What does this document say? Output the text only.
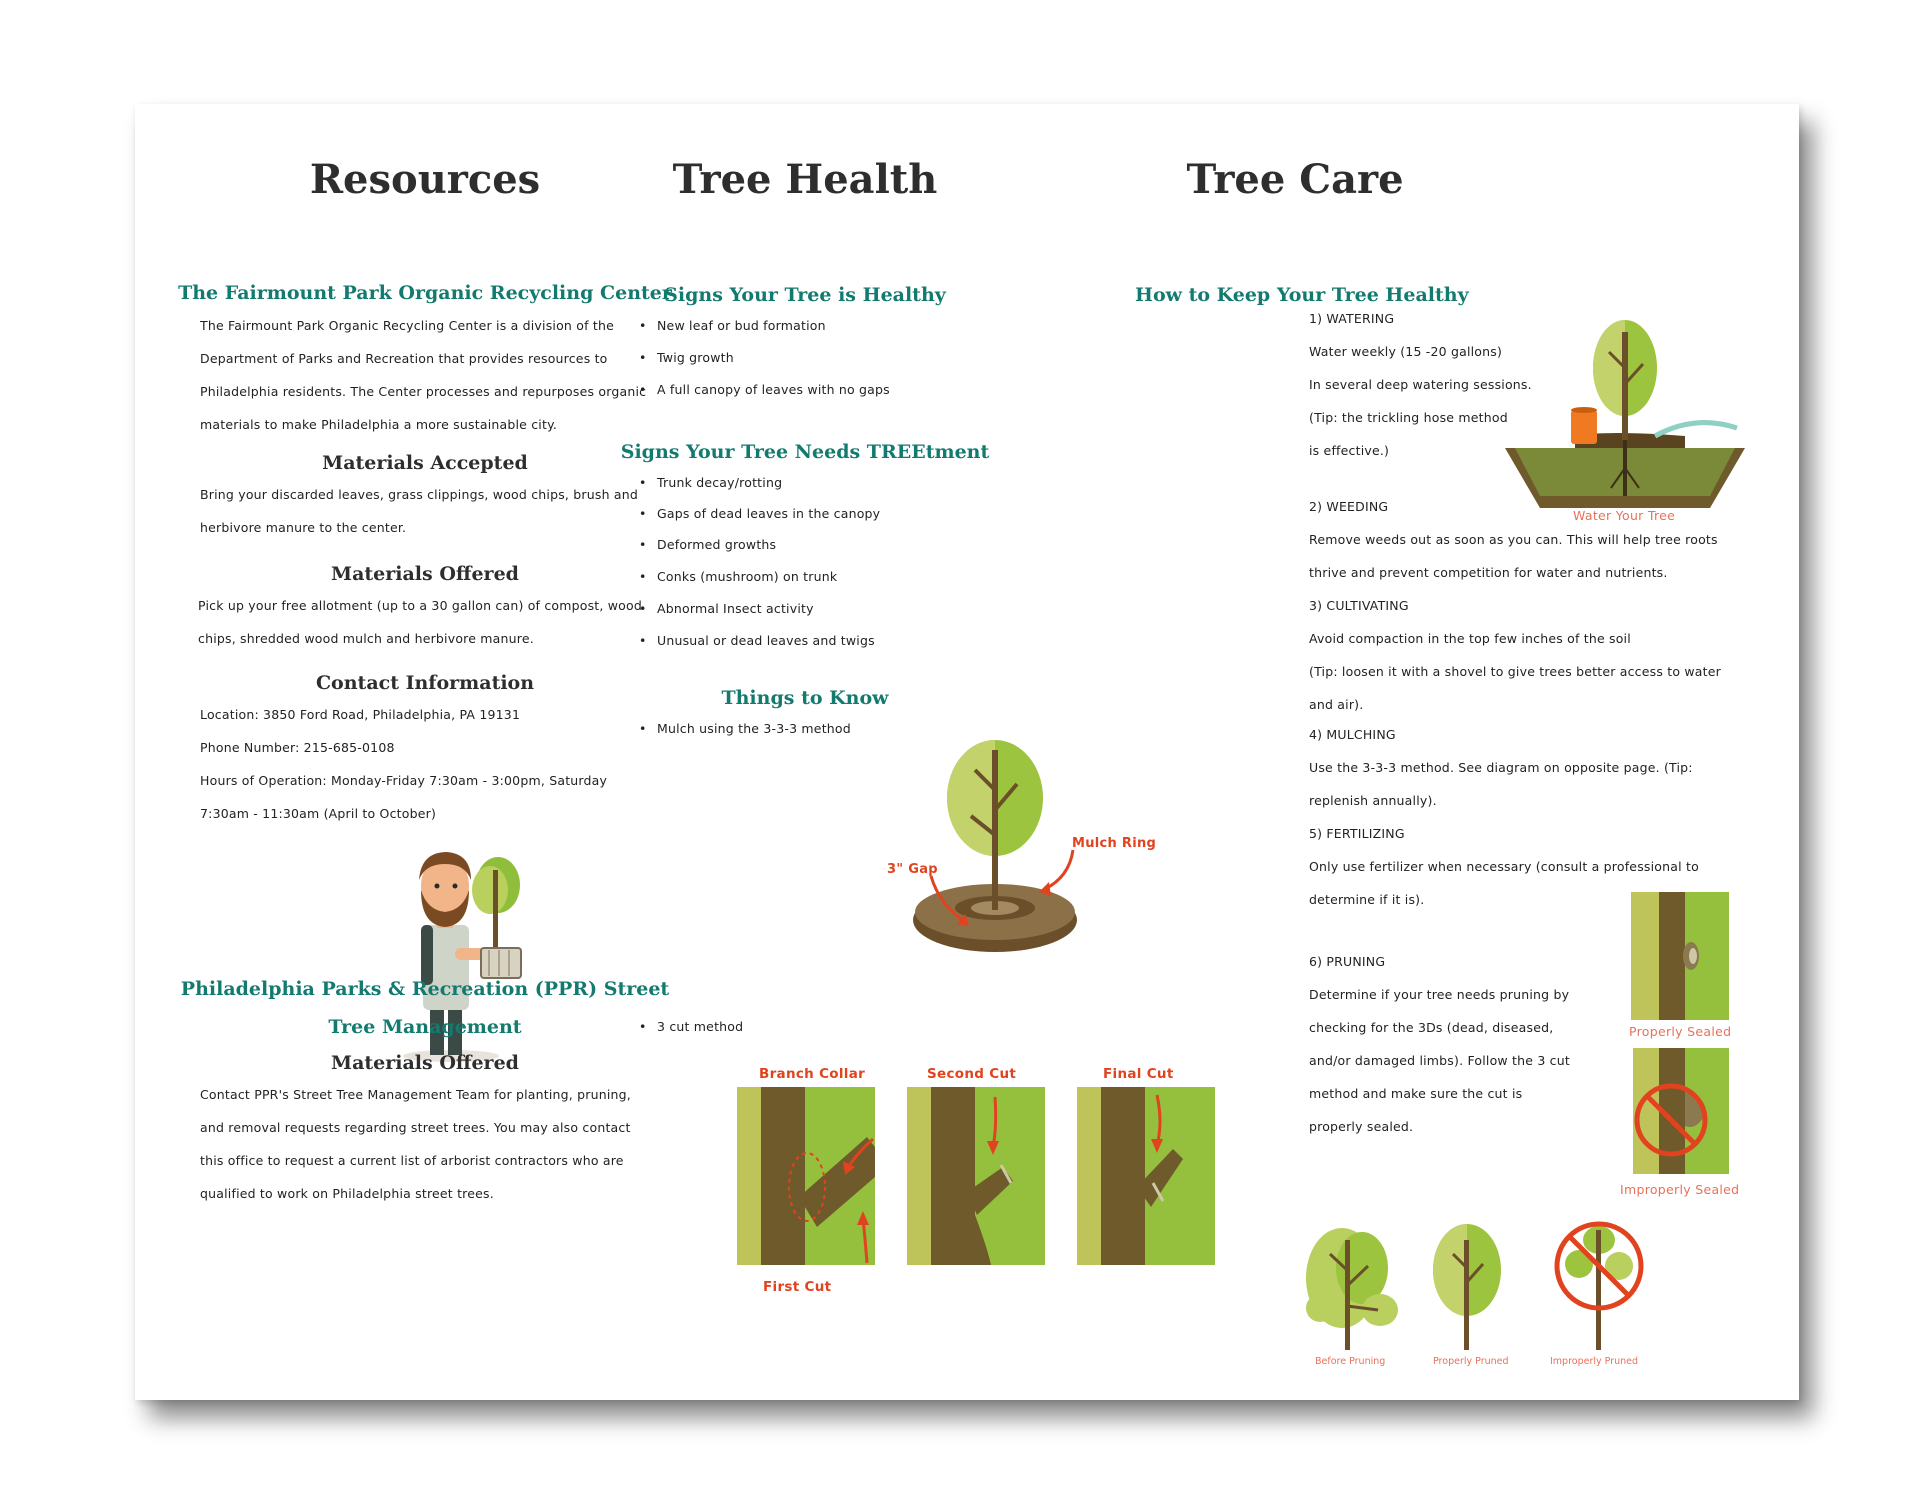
Resources
The Fairmount Park Organic Recycling Center
The Fairmount Park Organic Recycling Center is a division of the
Department of Parks and Recreation that provides resources to
Philadelphia residents. The Center processes and repurposes organic
materials to make Philadelphia a more sustainable city.
Materials Accepted
Bring your discarded leaves, grass clippings, wood chips, brush and
herbivore manure to the center.
Materials Offered
Pick up your free allotment (up to a 30 gallon can) of compost, wood
chips, shredded wood mulch and herbivore manure.
Contact Information
Location: 3850 Ford Road, Philadelphia, PA 19131
Phone Number: 215-685-0108
Hours of Operation: Monday-Friday 7:30am - 3:00pm, Saturday
7:30am - 11:30am (April to October)
Philadelphia Parks & Recreation (PPR) Street
Tree Management
Materials Offered
Contact PPR's Street Tree Management Team for planting, pruning,
and removal requests regarding street trees. You may also contact
this office to request a current list of arborist contractors who are
qualified to work on Philadelphia street trees.
Tree Health
Signs Your Tree is Healthy
• New leaf or bud formation
• Twig growth
• A full canopy of leaves with no gaps
Signs Your Tree Needs TREEtment
• Trunk decay/rotting
• Gaps of dead leaves in the canopy
• Deformed growths
• Conks (mushroom) on trunk
• Abnormal Insect activity
• Unusual or dead leaves and twigs
Things to Know
• Mulch using the 3-3-3 method
3" Gap
Mulch Ring
• 3 cut method
Branch Collar	Second Cut	Final Cut
First Cut
Tree Care
How to Keep Your Tree Healthy
1) WATERING
Water weekly (15 -20 gallons)
In several deep watering sessions.
(Tip: the trickling hose method
is effective.)
Water Your Tree
2) WEEDING
Remove weeds out as soon as you can. This will help tree roots
thrive and prevent competition for water and nutrients.
3) CULTIVATING
Avoid compaction in the top few inches of the soil
(Tip: loosen it with a shovel to give trees better access to water
and air).
4) MULCHING
Use the 3-3-3 method. See diagram on opposite page. (Tip:
replenish annually).
5) FERTILIZING
Only use fertilizer when necessary (consult a professional to
determine if it is).
6) PRUNING
Determine if your tree needs pruning by
checking for the 3Ds (dead, diseased,
and/or damaged limbs). Follow the 3 cut
method and make sure the cut is
properly sealed.
Properly Sealed
Improperly Sealed
Before Pruning	Properly Pruned	Improperly Pruned
